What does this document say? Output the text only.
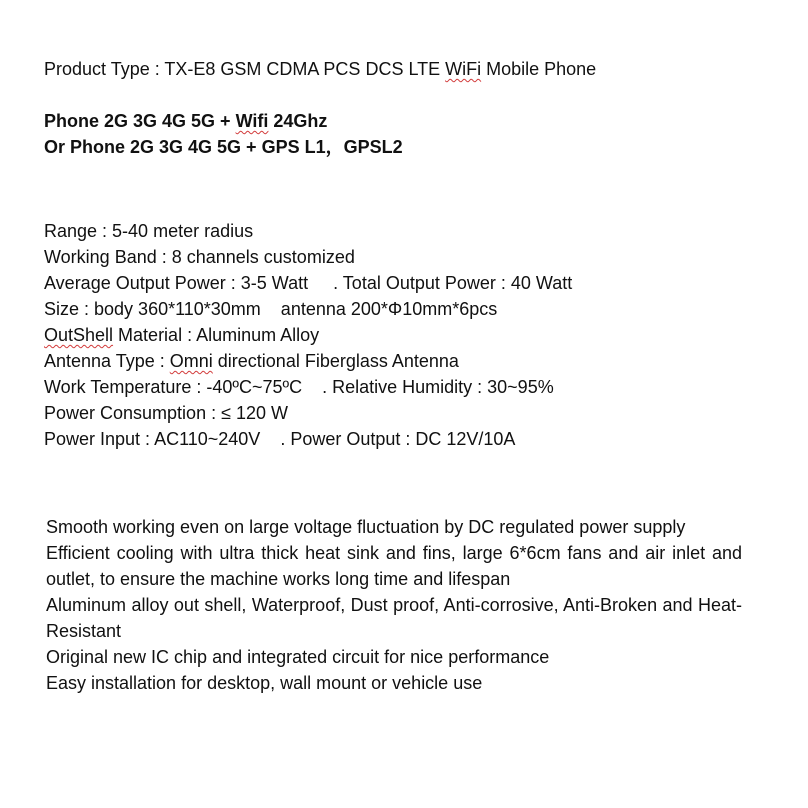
Product Type : TX-E8 GSM CDMA PCS DCS LTE WiFi Mobile Phone
Phone 2G 3G 4G 5G + Wifi 24Ghz
Or Phone 2G 3G 4G 5G + GPS L1，GPSL2
Range : 5-40 meter radius
Working Band : 8 channels customized
Average Output Power : 3-5 Watt     . Total Output Power : 40 Watt
Size : body 360*110*30mm    antenna 200*Φ10mm*6pcs
OutShell Material : Aluminum Alloy
Antenna Type : Omni directional Fiberglass Antenna
Work Temperature : -40ºC~75ºC    . Relative Humidity : 30~95%
Power Consumption : ≤ 120 W
Power Input : AC110~240V    . Power Output : DC 12V/10A

Smooth working even on large voltage fluctuation by DC regulated power supply

Efficient cooling with ultra thick heat sink and fins, large 6*6cm fans and air inlet and outlet, to ensure the machine works long time and lifespan

Aluminum alloy out shell, Waterproof, Dust proof, Anti-corrosive, Anti-Broken and Heat-Resistant

Original new IC chip and integrated circuit for nice performance

Easy installation for desktop, wall mount or vehicle use
